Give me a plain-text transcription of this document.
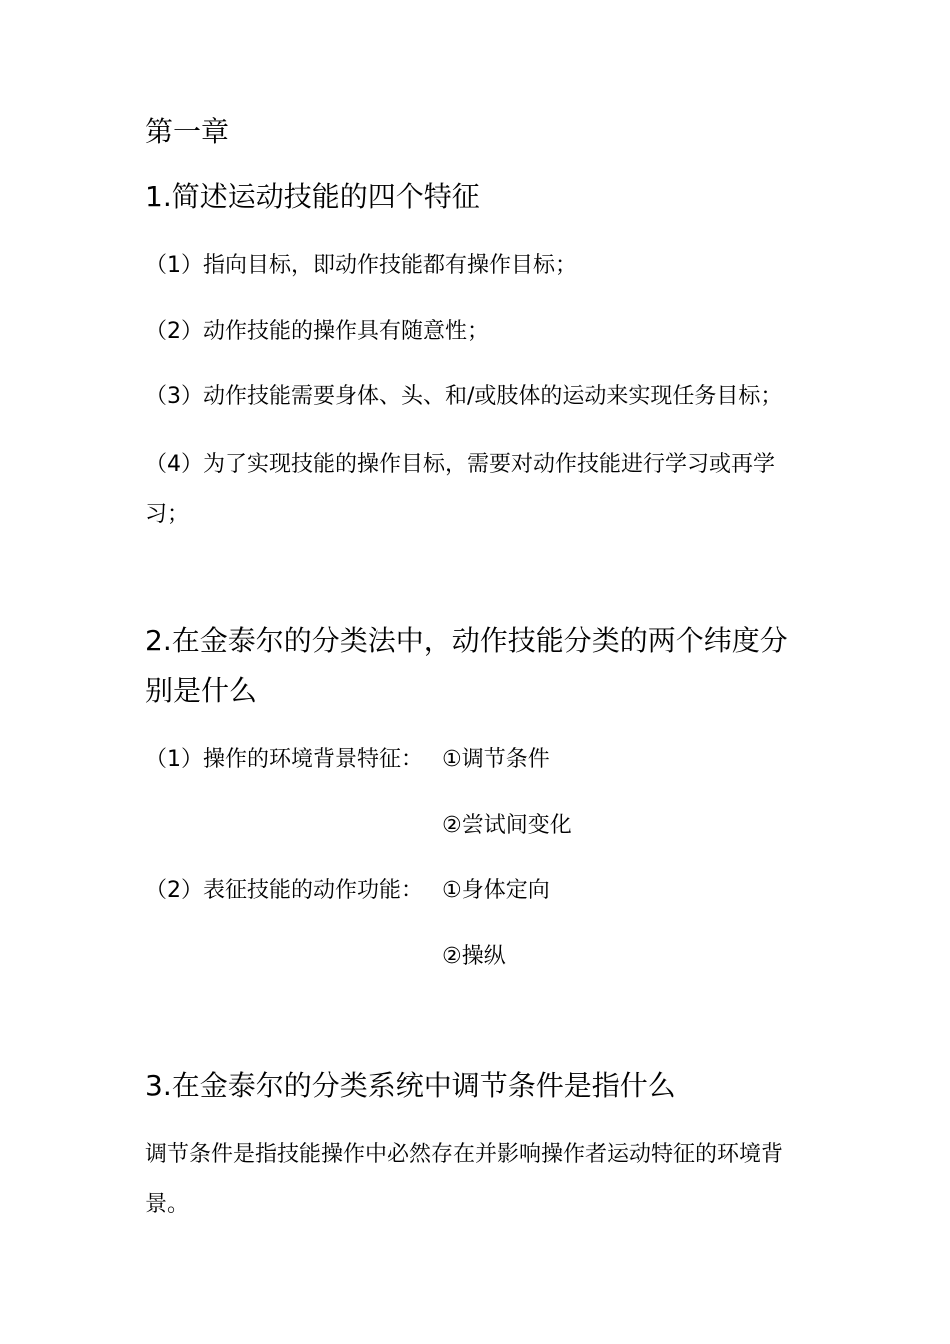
第一章
1.简述运动技能的四个特征
（1）指向目标，即动作技能都有操作目标；
（2）动作技能的操作具有随意性；
（3）动作技能需要身体、头、和/或肢体的运动来实现任务目标；
（4）为了实现技能的操作目标，需要对动作技能进行学习或再学习；
2.在金泰尔的分类法中，动作技能分类的两个纬度分别是什么
（1）操作的环境背景特征： ①调节条件
②尝试间变化
（2）表征技能的动作功能： ①身体定向
②操纵
3.在金泰尔的分类系统中调节条件是指什么
调节条件是指技能操作中必然存在并影响操作者运动特征的环境背景。
